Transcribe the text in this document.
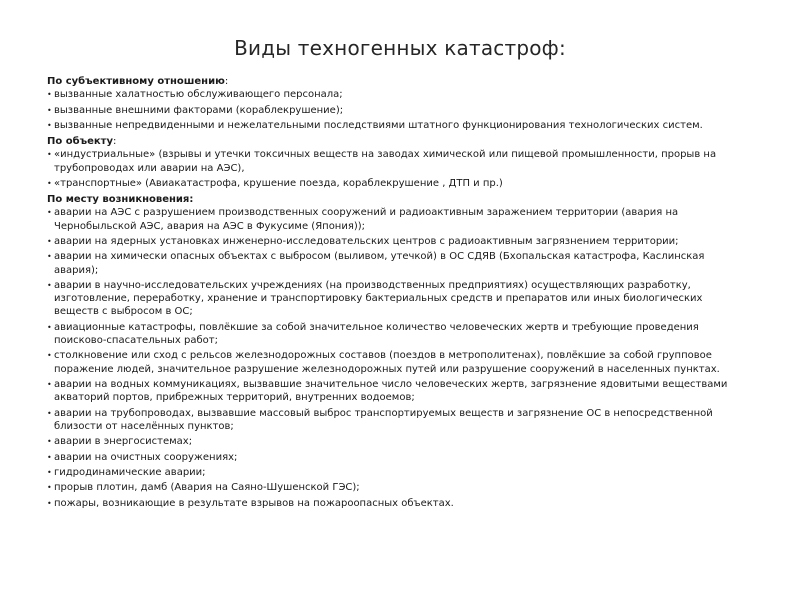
Виды техногенных катастроф:
По субъективному отношению:
• вызванные халатностью обслуживающего персонала;
• вызванные внешними факторами (кораблекрушение);
• вызванные непредвиденными и нежелательными последствиями штатного функционирования технологических систем.
По объекту:
• «индустриальные» (взрывы и утечки токсичных веществ на заводах химической или пищевой промышленности, прорыв на трубопроводах или аварии на АЭС),
• «транспортные» (Авиакатастрофа, крушение поезда, кораблекрушение , ДТП и пр.)
По месту возникновения:
• аварии на АЭС с разрушением производственных сооружений и радиоактивным заражением территории (авария на Чернобыльской АЭС, авария на АЭС в Фукусиме (Япония));
• аварии на ядерных установках инженерно-исследовательских центров с радиоактивным загрязнением территории;
• аварии на химически опасных объектах с выбросом (выливом, утечкой) в ОС СДЯВ (Бхопальская катастрофа, Каслинская авария);
• аварии в научно-исследовательских учреждениях (на производственных предприятиях) осуществляющих разработку, изготовление, переработку, хранение и транспортировку бактериальных средств и препаратов или иных биологических веществ с выбросом в ОС;
• авиационные катастрофы, повлёкшие за собой значительное количество человеческих жертв и требующие проведения поисково-спасательных работ;
• столкновение или сход с рельсов железнодорожных составов (поездов в метрополитенах), повлёкшие за собой групповое поражение людей, значительное разрушение железнодорожных путей или разрушение сооружений в населенных пунктах.
• аварии на водных коммуникациях, вызвавшие значительное число человеческих жертв, загрязнение ядовитыми веществами акваторий портов, прибрежных территорий, внутренних водоемов;
• аварии на трубопроводах, вызвавшие массовый выброс транспортируемых веществ и загрязнение ОС в непосредственной близости от населённых пунктов;
• аварии в энергосистемах;
• аварии на очистных сооружениях;
• гидродинамические аварии;
• прорыв плотин, дамб (Авария на Саяно-Шушенской ГЭС);
• пожары, возникающие в результате взрывов на пожароопасных объектах.
